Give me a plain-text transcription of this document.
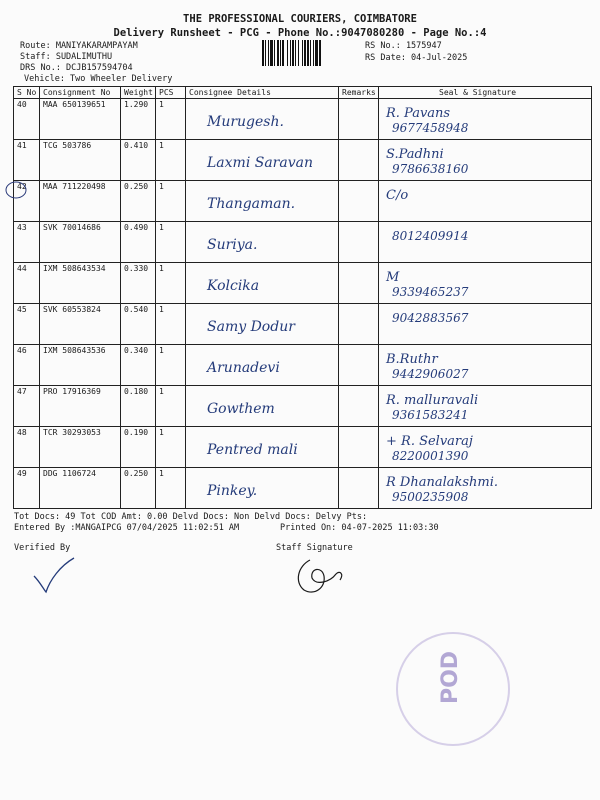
THE PROFESSIONAL COURIERS, COIMBATORE
Delivery Runsheet - PCG - Phone No.:9047080280 - Page No.:4
Route: MANIYAKARAMPAYAM
Staff: SUDALIMUTHU
DRS No.: DCJB157594704
Vehicle: Two Wheeler Delivery
RS No.: 1575947
RS Date: 04-Jul-2025
S No	Consignment No	Weight	PCS	Consignee Details	Remarks	Seal & Signature
40	MAA 650139651	1.290	1	Murugesh.		R. Pavans
9677458948
41	TCG 503786	0.410	1	Laxmi Saravan		S.Padhni
9786638160
42	MAA 711220498	0.250	1	Thangaman.		C/o

43	SVK 70014686	0.490	1	Suriya.		8012409914
44	IXM 508643534	0.330	1	Kolcika		M
9339465237
45	SVK 60553824	0.540	1	Samy Dodur		9042883567
46	IXM 508643536	0.340	1	Arunadevi		B.Ruthr
9442906027
47	PRO 17916369	0.180	1	Gowthem		R. malluravali
9361583241
48	TCR 30293053	0.190	1	Pentred mali		+ R. Selvaraj
8220001390
49	DDG 1106724	0.250	1	Pinkey.		R Dhanalakshmi.
9500235908
Tot Docs: 49 Tot COD Amt: 0.00 Delvd Docs: Non Delvd Docs: Delvy Pts:
Entered By :MANGAIPCG 07/04/2025 11:02:51 AM	Printed On: 04-07-2025 11:03:30
Verified By	Staff Signature
POD
